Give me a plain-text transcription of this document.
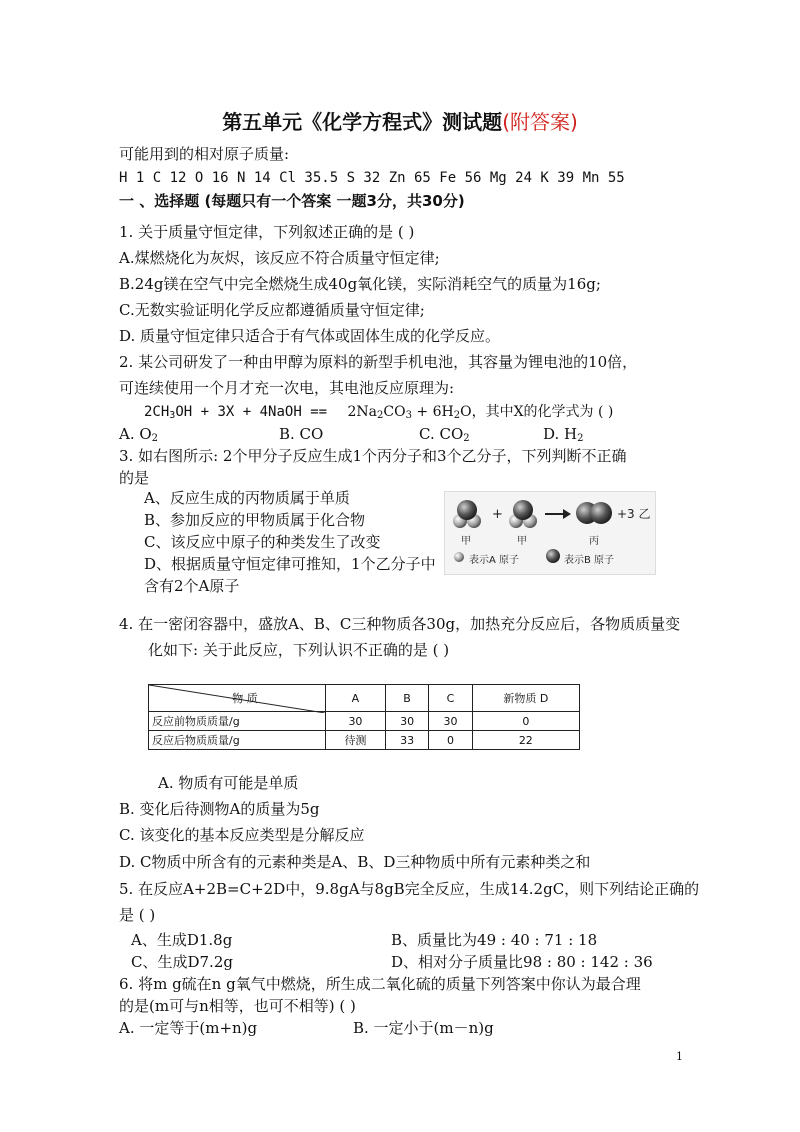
第五单元《化学方程式》测试题(附答案)
可能用到的相对原子质量:
H 1 C 12 O 16 N 14 Cl 35.5 S 32 Zn 65 Fe 56 Mg 24 K 39 Mn 55
一 、选择题 (每题只有一个答案 一题3分，共30分)
1. 关于质量守恒定律，下列叙述正确的是 ( )
A.煤燃烧化为灰烬，该反应不符合质量守恒定律;
B.24g镁在空气中完全燃烧生成40g氧化镁，实际消耗空气的质量为16g;
C.无数实验证明化学反应都遵循质量守恒定律;
D. 质量守恒定律只适合于有气体或固体生成的化学反应。
2. 某公司研发了一种由甲醇为原料的新型手机电池，其容量为锂电池的10倍，
可连续使用一个月才充一次电，其电池反应原理为:
$2CH_3OH + 3X$ + 4NaOH == $2Na_2CO_3 + 6H_2O$，其中X的化学式为 ( )
A. $O_2$	B. CO	C. $CO_2$	D. $H_2$
3. 如右图所示: 2个甲分子反应生成1个丙分子和3个乙分子，下列判断不正确
的是
A、反应生成的丙物质属于单质
B、参加反应的甲物质属于化合物
C、该反应中原子的种类发生了改变
D、根据质量守恒定律可推知，1个乙分子中
含有2个A原子
+	+3 乙
甲	甲	丙
表示A 原子	表示B 原子
4. 在一密闭容器中，盛放A、B、C三种物质各30g，加热充分反应后，各物质质量变
化如下: 关于此反应，下列认识不正确的是 ( )
物 质	A	B	C	新物质 D
反应前物质质量/g	30	30	30	0
反应后物质质量/g	待测	33	0	22
A. 物质有可能是单质
B. 变化后待测物A的质量为5g
C. 该变化的基本反应类型是分解反应
D. C物质中所含有的元素种类是A、B、D三种物质中所有元素种类之和
5. 在反应A+2B=C+2D中，9.8gA与8gB完全反应，生成14.2gC，则下列结论正确的
是 ( )
A、生成D1.8g	B、质量比为49 : 40 : 71 : 18
C、生成D7.2g	D、相对分子质量比98 : 80 : 142 : 36
6. 将m g硫在n g氧气中燃烧，所生成二氧化硫的质量下列答案中你认为最合理
的是(m可与n相等，也可不相等) ( )
A. 一定等于(m+n)g	B. 一定小于(m－n)g
1
